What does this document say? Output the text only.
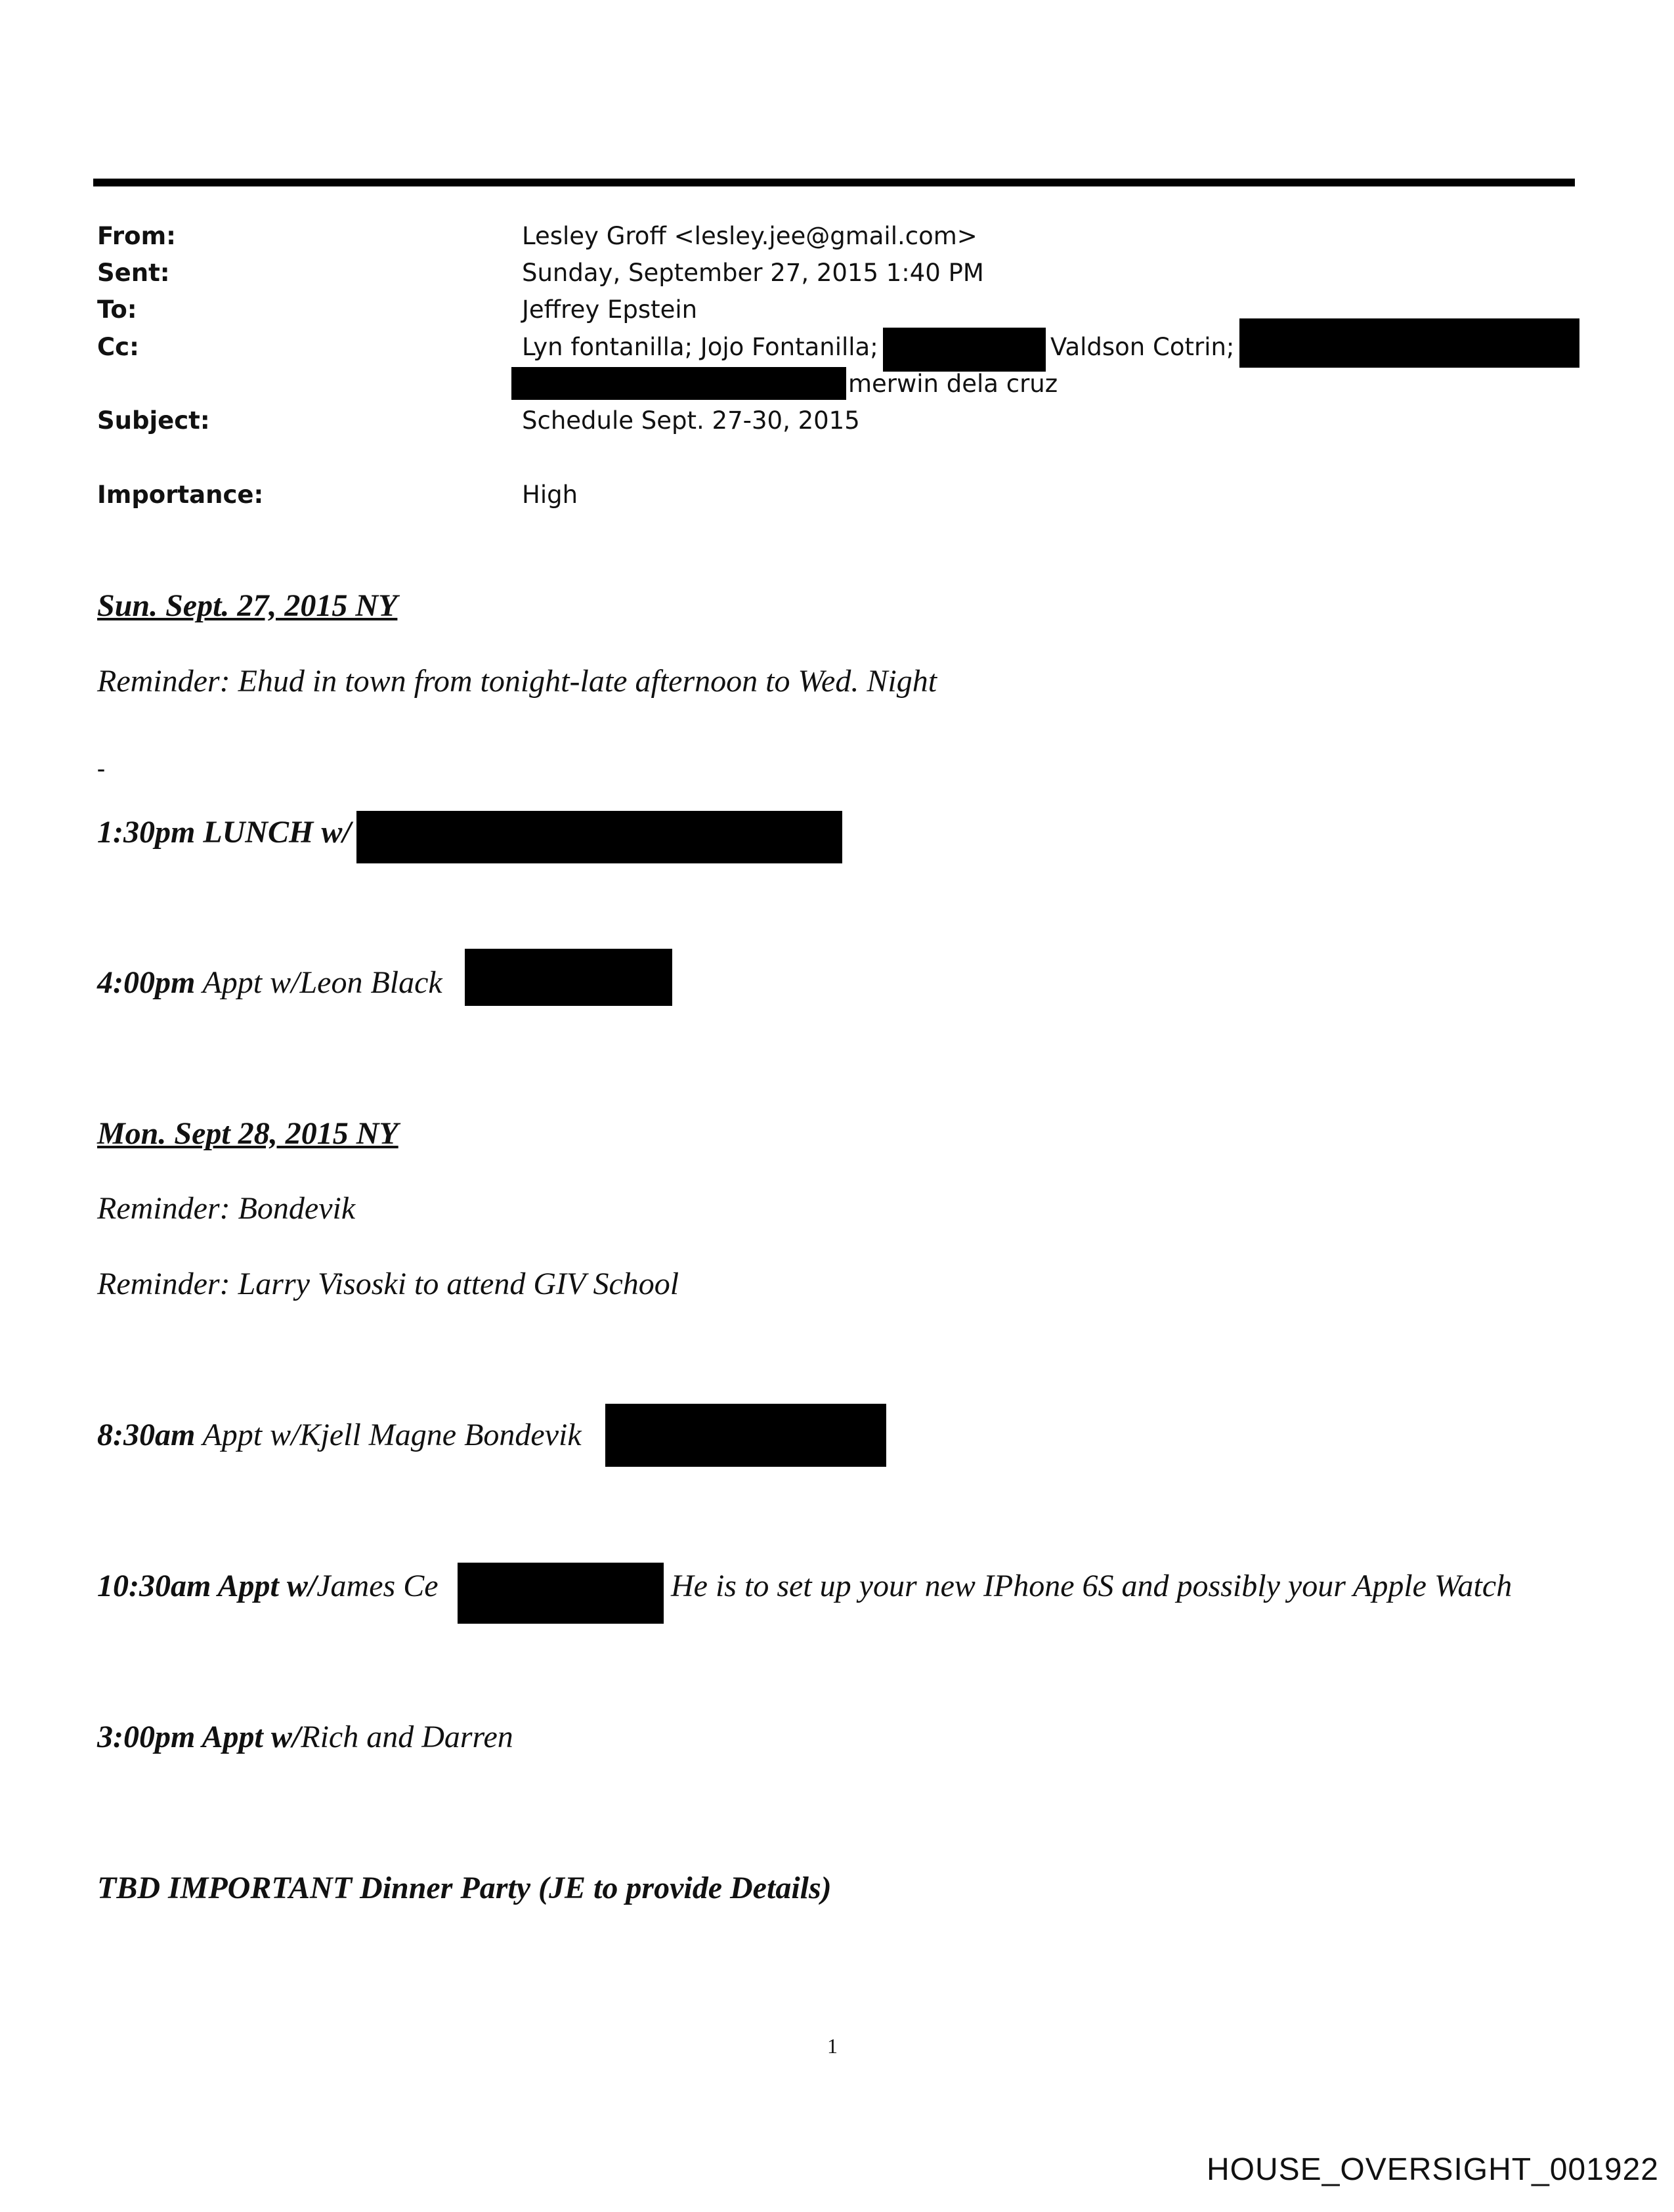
From:	Lesley Groff <lesley.jee@gmail.com>
Sent:	Sunday, September 27, 2015 1:40 PM
To:	Jeffrey Epstein
Cc:	Lyn fontanilla; Jojo Fontanilla;	Valdson Cotrin;
merwin dela cruz
Subject:	Schedule Sept. 27-30, 2015
Importance:	High
Sun. Sept. 27, 2015 NY
Reminder: Ehud in town from tonight-late afternoon to Wed. Night
-
1:30pm LUNCH w/
4:00pm Appt w/Leon Black
Mon. Sept 28, 2015 NY
Reminder: Bondevik
Reminder: Larry Visoski to attend GIV School
8:30am Appt w/Kjell Magne Bondevik
10:30am Appt w/James Ce	He is to set up your new IPhone 6S and possibly your Apple Watch
3:00pm Appt w/Rich and Darren
TBD IMPORTANT Dinner Party (JE to provide Details)
1
HOUSE_OVERSIGHT_001922
